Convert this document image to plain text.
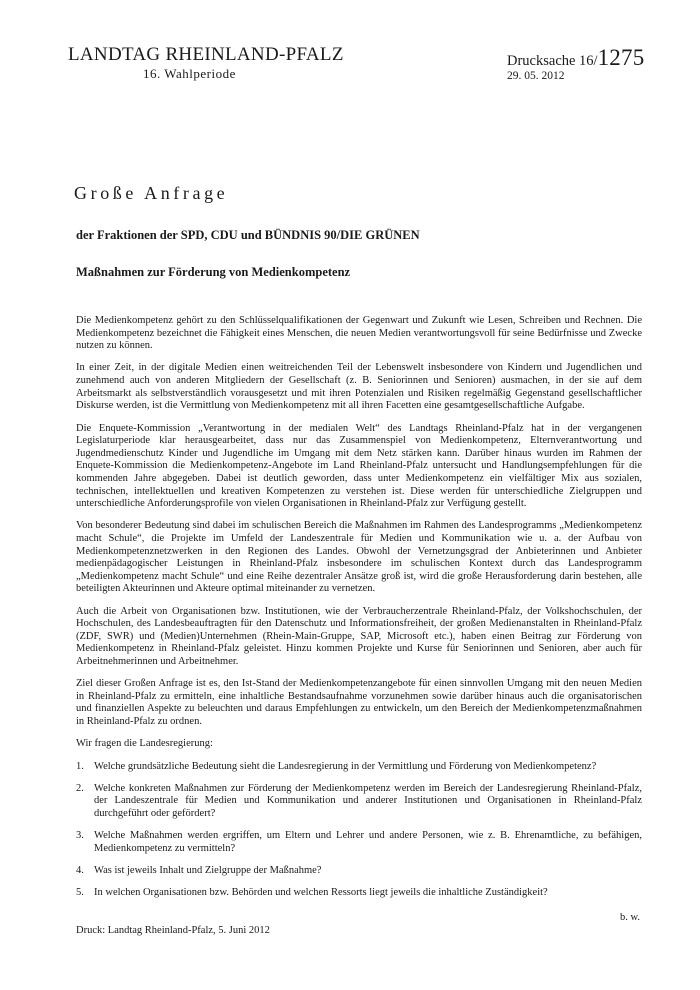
LANDTAG RHEINLAND-PFALZ
16. Wahlperiode
Drucksache 16/1275
29. 05. 2012
Große Anfrage
der Fraktionen der SPD, CDU und BÜNDNIS 90/DIE GRÜNEN
Maßnahmen zur Förderung von Medienkompetenz

Die Medienkompetenz gehört zu den Schlüsselqualifikationen der Gegenwart und Zukunft wie Lesen, Schreiben und Rechnen. Die Medienkompetenz bezeichnet die Fähigkeit eines Menschen, die neuen Medien verantwortungsvoll für seine Bedürfnisse und Zwecke nutzen zu können.

In einer Zeit, in der digitale Medien einen weitreichenden Teil der Lebenswelt insbesondere von Kindern und Jugendlichen und zunehmend auch von anderen Mitgliedern der Gesellschaft (z. B. Seniorinnen und Senioren) ausmachen, in der sie auf dem Arbeitsmarkt als selbstverständlich vorausgesetzt und mit ihren Potenzialen und Risiken regelmäßig Gegenstand gesellschaftlicher Diskurse werden, ist die Vermittlung von Medienkompetenz mit all ihren Facetten eine gesamtgesellschaftliche Aufgabe.

Die Enquete-Kommission „Verantwortung in der medialen Welt“ des Landtags Rheinland-Pfalz hat in der vergangenen Legislaturperiode klar herausgearbeitet, dass nur das Zusammenspiel von Medienkompetenz, Elternverantwortung und Jugendmedienschutz Kinder und Jugendliche im Umgang mit dem Netz stärken kann. Darüber hinaus wurden im Rahmen der Enquete-Kommission die Medienkompetenz-Angebote im Land Rheinland-Pfalz untersucht und Handlungsempfehlungen für die kommenden Jahre abgegeben. Dabei ist deutlich geworden, dass unter Medienkompetenz ein vielfältiger Mix aus sozialen, technischen, intellektuellen und kreativen Kompetenzen zu verstehen ist. Diese werden für unterschiedliche Zielgruppen und unterschiedliche Anforderungsprofile von vielen Organisationen in Rheinland-Pfalz zur Verfügung gestellt.

Von besonderer Bedeutung sind dabei im schulischen Bereich die Maßnahmen im Rahmen des Landesprogramms „Medienkompetenz macht Schule“, die Projekte im Umfeld der Landeszentrale für Medien und Kommunikation wie u. a. der Aufbau von Medienkompetenznetzwerken in den Regionen des Landes. Obwohl der Vernetzungsgrad der Anbieterinnen und Anbieter medienpädagogischer Leistungen in Rheinland-Pfalz insbesondere im schulischen Kontext durch das Landesprogramm „Medienkompetenz macht Schule“ und eine Reihe dezentraler Ansätze groß ist, wird die große Herausforderung darin bestehen, alle beteiligten Akteurinnen und Akteure optimal miteinander zu vernetzen.

Auch die Arbeit von Organisationen bzw. Institutionen, wie der Verbraucherzentrale Rheinland-Pfalz, der Volkshochschulen, der Hochschulen, des Landesbeauftragten für den Datenschutz und Informationsfreiheit, der großen Medienanstalten in Rheinland-Pfalz (ZDF, SWR) und (Medien)Unternehmen (Rhein-Main-Gruppe, SAP, Microsoft etc.), haben einen Beitrag zur Förderung von Medienkompetenz in Rheinland-Pfalz geleistet. Hinzu kommen Projekte und Kurse für Seniorinnen und Senioren, aber auch für Arbeitnehmerinnen und Arbeitnehmer.

Ziel dieser Großen Anfrage ist es, den Ist-Stand der Medienkompetenzangebote für einen sinnvollen Umgang mit den neuen Medien in Rheinland-Pfalz zu ermitteln, eine inhaltliche Bestandsaufnahme vorzunehmen sowie darüber hinaus auch die organisatorischen und finanziellen Aspekte zu beleuchten und daraus Empfehlungen zu entwickeln, um den Bereich der Medienkompetenzmaßnahmen in Rheinland-Pfalz zu ordnen.

Wir fragen die Landesregierung:

1. Welche grundsätzliche Bedeutung sieht die Landesregierung in der Vermittlung und Förderung von Medienkompetenz?
2. Welche konkreten Maßnahmen zur Förderung der Medienkompetenz werden im Bereich der Landesregierung Rheinland-Pfalz, der Landeszentrale für Medien und Kommunikation und anderer Institutionen und Organisationen in Rheinland-Pfalz durchgeführt oder gefördert?
3. Welche Maßnahmen werden ergriffen, um Eltern und Lehrer und andere Personen, wie z. B. Ehrenamtliche, zu befähigen, Medienkompetenz zu vermitteln?
4. Was ist jeweils Inhalt und Zielgruppe der Maßnahme?
5. In welchen Organisationen bzw. Behörden und welchen Ressorts liegt jeweils die inhaltliche Zuständigkeit?
b. w.
Druck: Landtag Rheinland-Pfalz, 5. Juni 2012
